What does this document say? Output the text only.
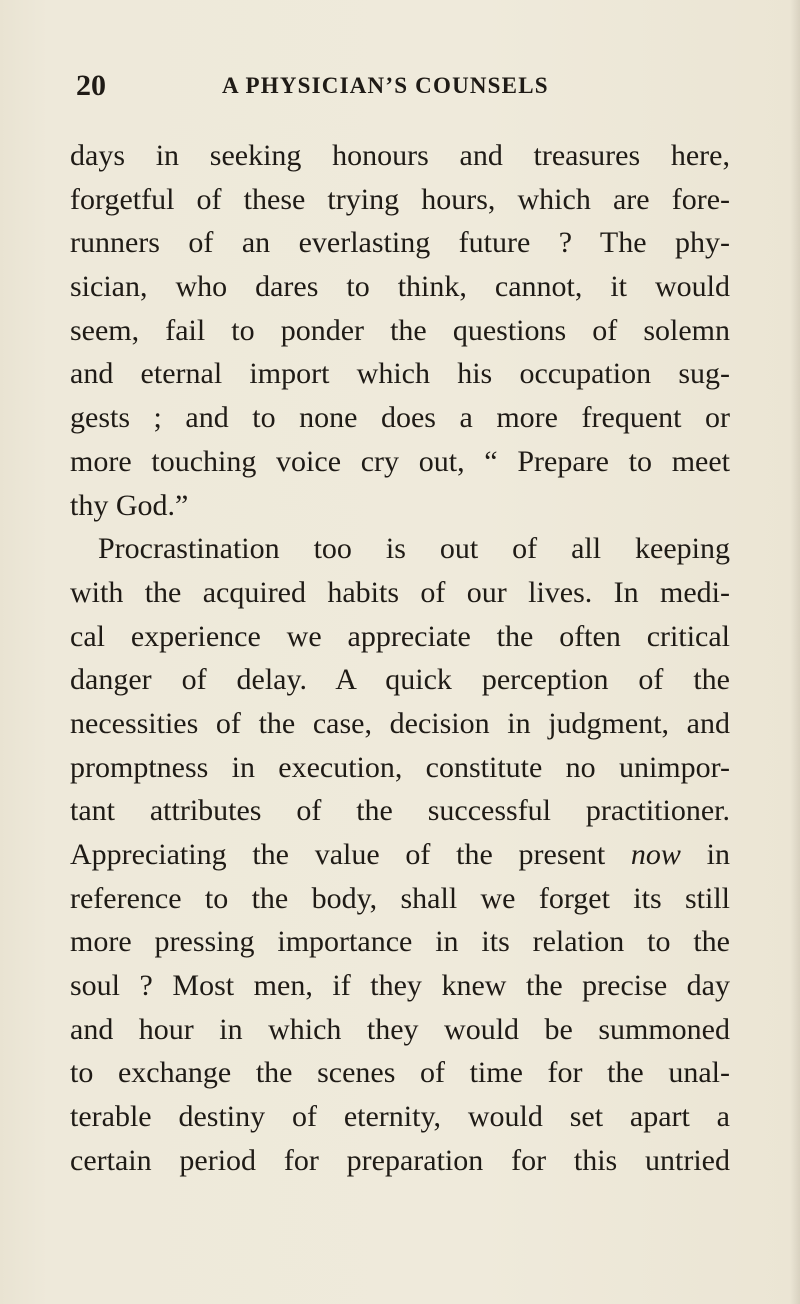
20	A PHYSICIAN’S COUNSELS
days in seeking honours and treasures here,
forgetful of these trying hours, which are fore-
runners of an everlasting future ? The phy-
sician, who dares to think, cannot, it would
seem, fail to ponder the questions of solemn
and eternal import which his occupation sug-
gests ; and to none does a more frequent or
more touching voice cry out, “ Prepare to meet
thy God.”
Procrastination too is out of all keeping
with the acquired habits of our lives. In medi-
cal experience we appreciate the often critical
danger of delay. A quick perception of the
necessities of the case, decision in judgment, and
promptness in execution, constitute no unimpor-
tant attributes of the successful practitioner.
Appreciating the value of the present now in
reference to the body, shall we forget its still
more pressing importance in its relation to the
soul ? Most men, if they knew the precise day
and hour in which they would be summoned
to exchange the scenes of time for the unal-
terable destiny of eternity, would set apart a
certain period for preparation for this untried
